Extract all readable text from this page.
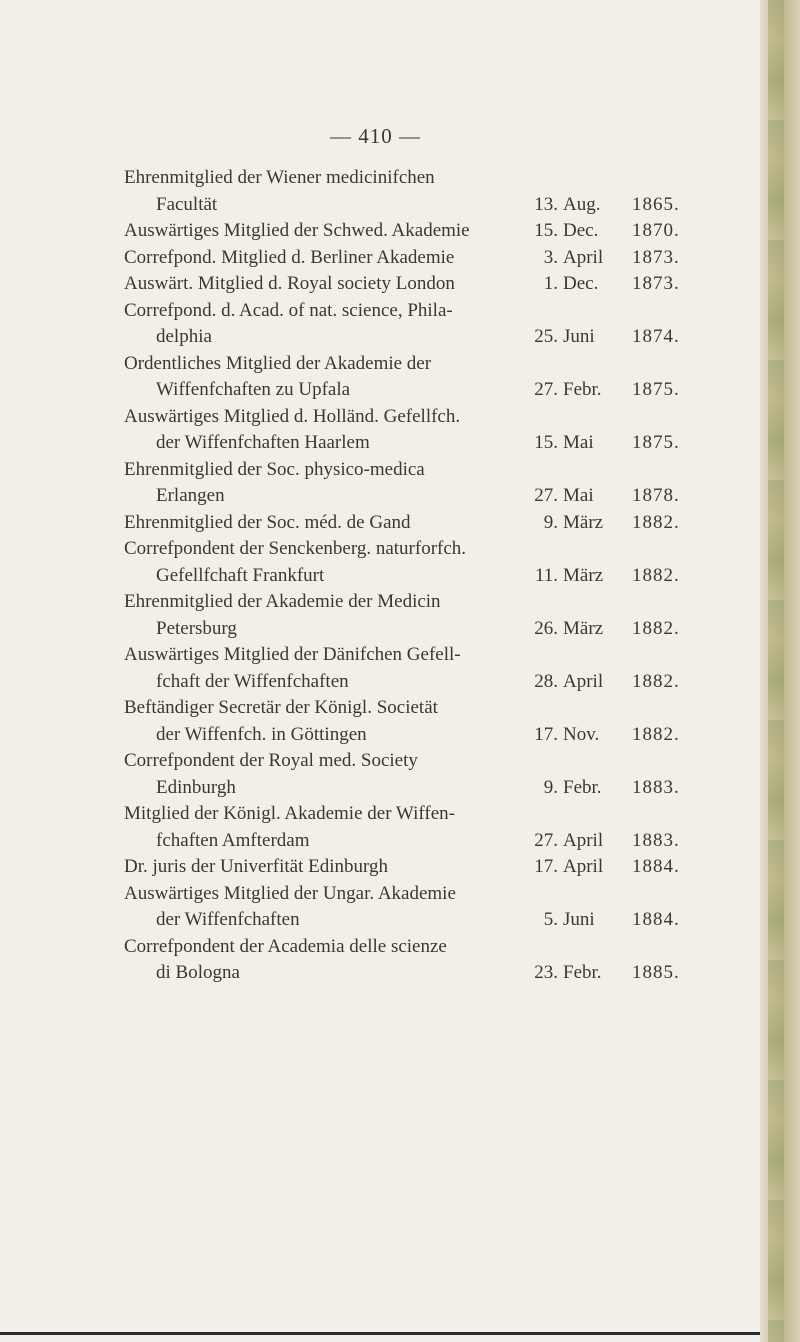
— 410 —
Ehrenmitglied der Wiener medicinifchen
Facultät	13. Aug. 1865.
Auswärtiges Mitglied der Schwed. Akademie	15. Dec. 1870.
Correfpond. Mitglied d. Berliner Akademie	3. April 1873.
Auswärt. Mitglied d. Royal society London	1. Dec. 1873.
Correfpond. d. Acad. of nat. science, Phila-
delphia	25. Juni 1874.
Ordentliches Mitglied der Akademie der
Wiffenfchaften zu Upfala	27. Febr. 1875.
Auswärtiges Mitglied d. Holländ. Gefellfch.
der Wiffenfchaften Haarlem	15. Mai 1875.
Ehrenmitglied der Soc. physico-medica
Erlangen	27. Mai 1878.
Ehrenmitglied der Soc. méd. de Gand	9. März 1882.
Correfpondent der Senckenberg. naturforfch.
Gefellfchaft Frankfurt	11. März 1882.
Ehrenmitglied der Akademie der Medicin
Petersburg	26. März 1882.
Auswärtiges Mitglied der Dänifchen Gefell-
fchaft der Wiffenfchaften	28. April 1882.
Beftändiger Secretär der Königl. Societät
der Wiffenfch. in Göttingen	17. Nov. 1882.
Correfpondent der Royal med. Society
Edinburgh	9. Febr. 1883.
Mitglied der Königl. Akademie der Wiffen-
fchaften Amfterdam	27. April 1883.
Dr. juris der Univerfität Edinburgh	17. April 1884.
Auswärtiges Mitglied der Ungar. Akademie
der Wiffenfchaften	5. Juni 1884.
Correfpondent der Academia delle scienze
di Bologna	23. Febr. 1885.
